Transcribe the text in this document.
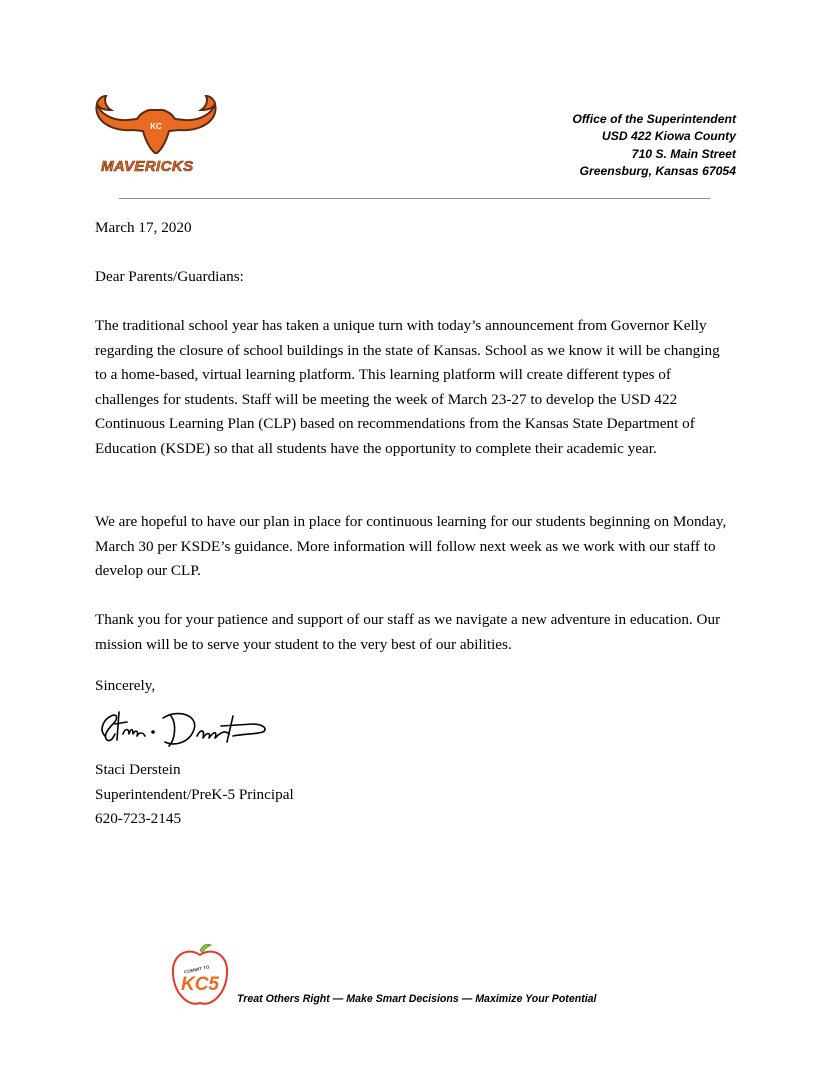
KC
MAVERICKS
Office of the Superintendent
USD 422 Kiowa County
710 S. Main Street
Greensburg, Kansas 67054
March 17, 2020
Dear Parents/Guardians:

The traditional school year has taken a unique turn with today’s announcement from Governor Kelly regarding the closure of school buildings in the state of Kansas. School as we know it will be changing to a home-based, virtual learning platform. This learning platform will create different types of challenges for students. Staff will be meeting the week of March 23-27 to develop the USD 422 Continuous Learning Plan (CLP) based on recommendations from the Kansas State Department of Education (KSDE) so that all students have the opportunity to complete their academic year.

We are hopeful to have our plan in place for continuous learning for our students beginning on Monday, March 30 per KSDE’s guidance. More information will follow next week as we work with our staff to develop our CLP.

Thank you for your patience and support of our staff as we navigate a new adventure in education. Our mission will be to serve your student to the very best of our abilities.

Sincerely,
Staci Derstein
Superintendent/PreK-5 Principal
620-723-2145
COMMIT TO
KC5
Treat Others Right — Make Smart Decisions — Maximize Your Potential
